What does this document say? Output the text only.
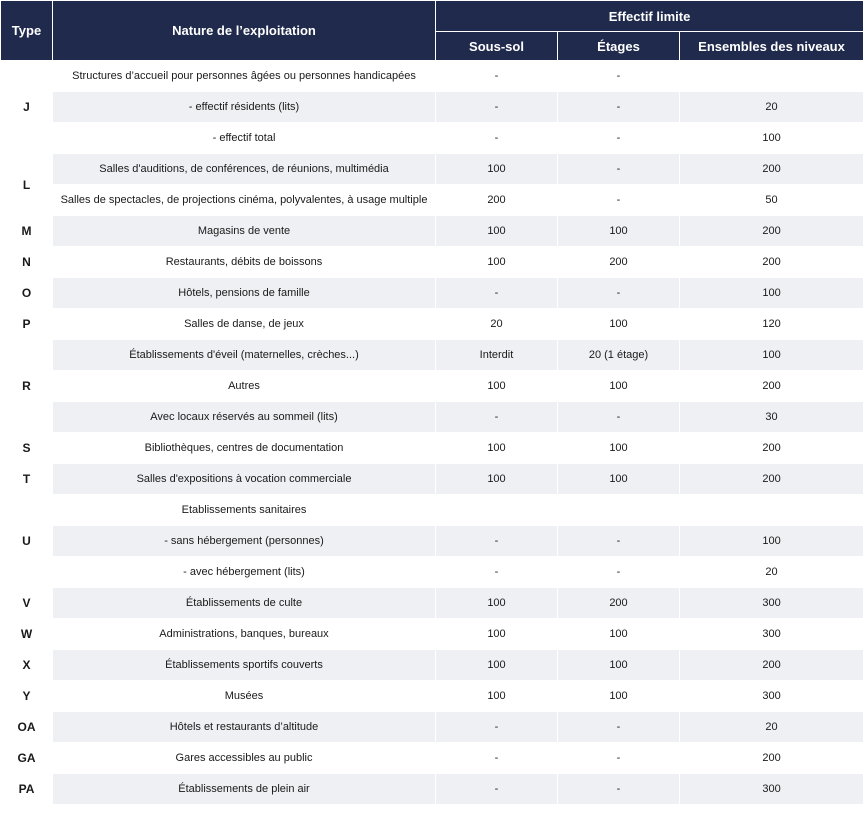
Type	Nature de l’exploitation	Effectif limite		
		Sous-sol	Étages	Ensembles des niveaux
J	Structures d’accueil pour personnes âgées ou personnes handicapées	-	-	
	- effectif résidents (lits)	-	-	20
	- effectif total	-	-	100
L	Salles d'auditions, de conférences, de réunions, multimédia	100	-	200
	Salles de spectacles, de projections cinéma, polyvalentes, à usage multiple	200	-	50
M	Magasins de vente	100	100	200
N	Restaurants, débits de boissons	100	200	200
O	Hôtels, pensions de famille	-	-	100
P	Salles de danse, de jeux	20	100	120
R	Établissements d'éveil (maternelles, crèches...)	Interdit	20 (1 étage)	100
	Autres	100	100	200
	Avec locaux réservés au sommeil (lits)	-	-	30
S	Bibliothèques, centres de documentation	100	100	200
T	Salles d'expositions à vocation commerciale	100	100	200
U	Etablissements sanitaires			
	- sans hébergement (personnes)	-	-	100
	- avec hébergement (lits)	-	-	20
V	Établissements de culte	100	200	300
W	Administrations, banques, bureaux	100	100	300
X	Établissements sportifs couverts	100	100	200
Y	Musées	100	100	300
OA	Hôtels et restaurants d’altitude	-	-	20
GA	Gares accessibles au public	-	-	200
PA	Établissements de plein air	-	-	300
